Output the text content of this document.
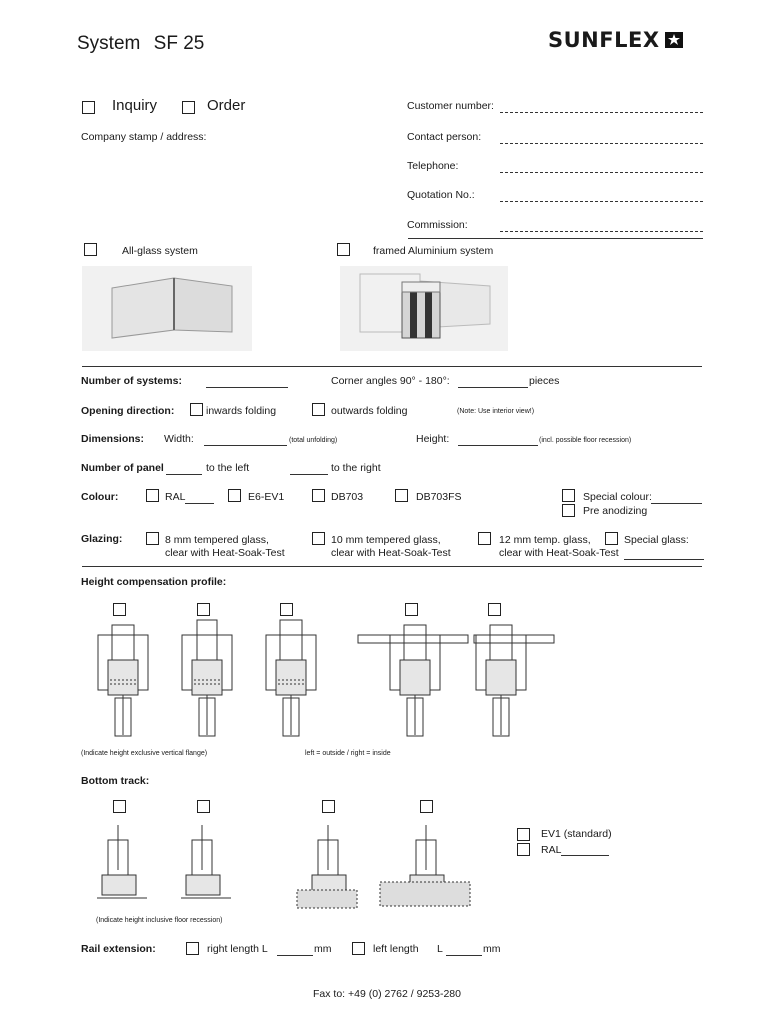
System SF 25	SUNFLEX
Inquiry	Order
Company stamp / address:
Customer number:
Contact person:
Telephone:
Quotation No.:
Commission:
All-glass system	framed Aluminium system
Number of systems:	Corner angles 90° - 180°:	pieces
Opening direction:	inwards folding	outwards folding	(Note: Use interior view!)
Dimensions: Width:	(total unfolding)	Height:	(incl. possible floor recession)
Number of panel	to the left	to the right
Colour:	RAL	E6-EV1	DB703	DB703FS	Special colour:
Pre anodizing
Glazing:	8 mm tempered glass,
clear with Heat-Soak-Test
10 mm tempered glass,
clear with Heat-Soak-Test
12 mm temp. glass,
clear with Heat-Soak-Test
Special glass:
Height compensation profile:
(Indicate height exclusive vertical flange)	left = outside / right = inside
Bottom track:
EV1 (standard)
RAL
(Indicate height inclusive floor recession)
Rail extension:	right length L	mm	left length L	mm
Fax to: +49 (0) 2762 / 9253-280
